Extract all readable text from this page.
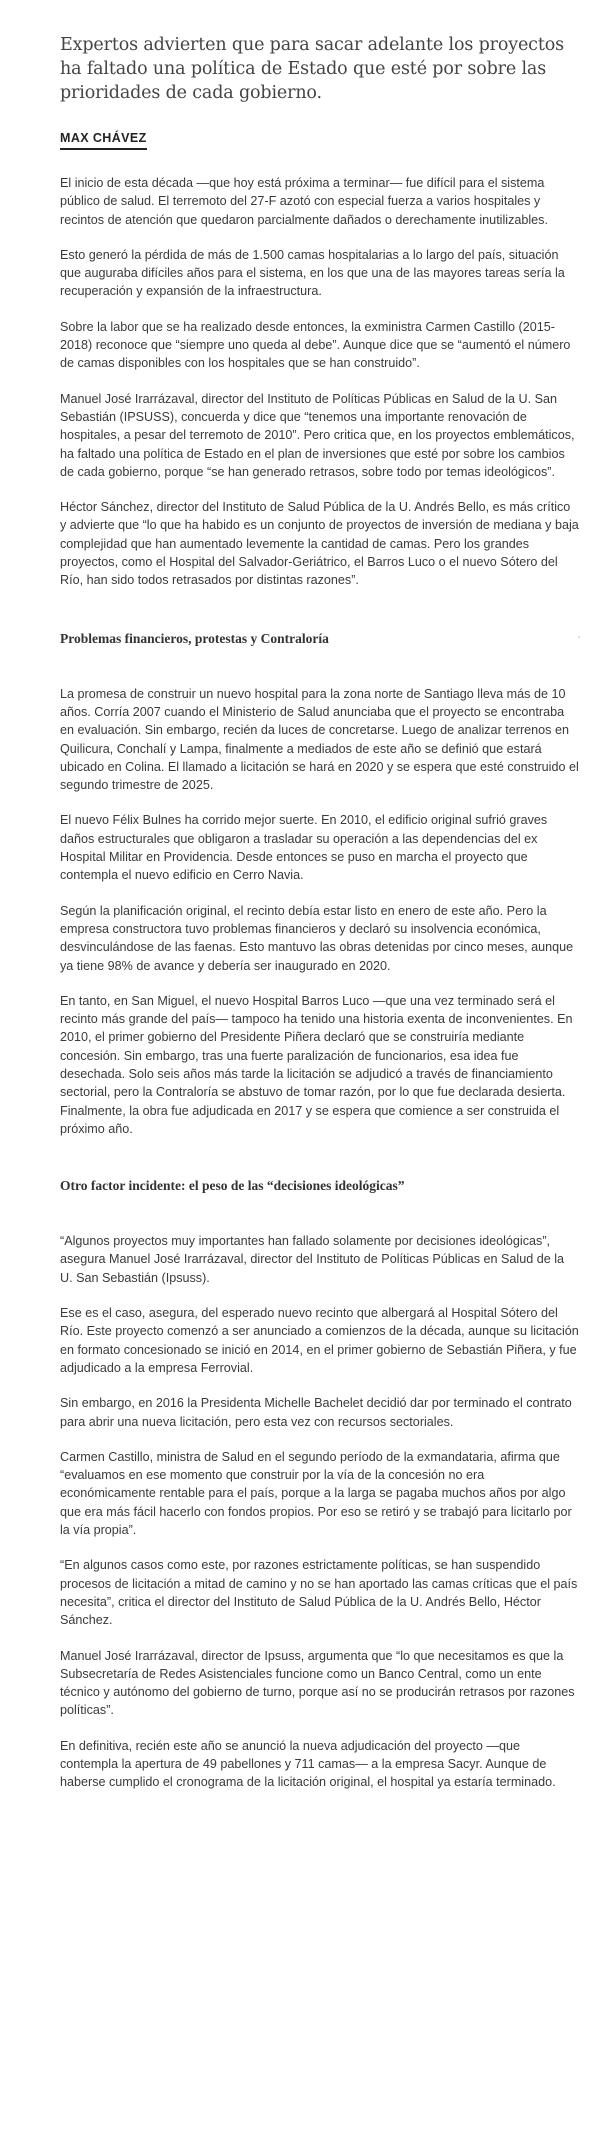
Expertos advierten que para sacar adelante los proyectos ha faltado una política de Estado que esté por sobre las prioridades de cada gobierno.

MAX CHÁVEZ

El inicio de esta década —que hoy está próxima a terminar— fue difícil para el sistema público de salud. El terremoto del 27-F azotó con especial fuerza a varios hospitales y recintos de atención que quedaron parcialmente dañados o derechamente inutilizables.

Esto generó la pérdida de más de 1.500 camas hospitalarias a lo largo del país, situación que auguraba difíciles años para el sistema, en los que una de las mayores tareas sería la recuperación y expansión de la infraestructura.

Sobre la labor que se ha realizado desde entonces, la exministra Carmen Castillo (2015-2018) reconoce que “siempre uno queda al debe”. Aunque dice que se “aumentó el número de camas disponibles con los hospitales que se han construido”.

Manuel José Irarrázaval, director del Instituto de Políticas Públicas en Salud de la U. San Sebastián (IPSUSS), concuerda y dice que “tenemos una importante renovación de hospitales, a pesar del terremoto de 2010”. Pero critica que, en los proyectos emblemáticos, ha faltado una política de Estado en el plan de inversiones que esté por sobre los cambios de cada gobierno, porque “se han generado retrasos, sobre todo por temas ideológicos”.

Héctor Sánchez, director del Instituto de Salud Pública de la U. Andrés Bello, es más crítico y advierte que “lo que ha habido es un conjunto de proyectos de inversión de mediana y baja complejidad que han aumentado levemente la cantidad de camas. Pero los grandes proyectos, como el Hospital del Salvador-Geriátrico, el Barros Luco o el nuevo Sótero del Río, han sido todos retrasados por distintas razones”.

Problemas financieros, protestas y Contraloría

La promesa de construir un nuevo hospital para la zona norte de Santiago lleva más de 10 años. Corría 2007 cuando el Ministerio de Salud anunciaba que el proyecto se encontraba en evaluación. Sin embargo, recién da luces de concretarse. Luego de analizar terrenos en Quilicura, Conchalí y Lampa, finalmente a mediados de este año se definió que estará ubicado en Colina. El llamado a licitación se hará en 2020 y se espera que esté construido el segundo trimestre de 2025.

El nuevo Félix Bulnes ha corrido mejor suerte. En 2010, el edificio original sufrió graves daños estructurales que obligaron a trasladar su operación a las dependencias del ex Hospital Militar en Providencia. Desde entonces se puso en marcha el proyecto que contempla el nuevo edificio en Cerro Navia.

Según la planificación original, el recinto debía estar listo en enero de este año. Pero la empresa constructora tuvo problemas financieros y declaró su insolvencia económica, desvinculándose de las faenas. Esto mantuvo las obras detenidas por cinco meses, aunque ya tiene 98% de avance y debería ser inaugurado en 2020.

En tanto, en San Miguel, el nuevo Hospital Barros Luco —que una vez terminado será el recinto más grande del país— tampoco ha tenido una historia exenta de inconvenientes. En 2010, el primer gobierno del Presidente Piñera declaró que se construiría mediante concesión. Sin embargo, tras una fuerte paralización de funcionarios, esa idea fue desechada. Solo seis años más tarde la licitación se adjudicó a través de financiamiento sectorial, pero la Contraloría se abstuvo de tomar razón, por lo que fue declarada desierta. Finalmente, la obra fue adjudicada en 2017 y se espera que comience a ser construida el próximo año.

Otro factor incidente: el peso de las “decisiones ideológicas”

“Algunos proyectos muy importantes han fallado solamente por decisiones ideológicas”, asegura Manuel José Irarrázaval, director del Instituto de Políticas Públicas en Salud de la U. San Sebastián (Ipsuss).

Ese es el caso, asegura, del esperado nuevo recinto que albergará al Hospital Sótero del Río. Este proyecto comenzó a ser anunciado a comienzos de la década, aunque su licitación en formato concesionado se inició en 2014, en el primer gobierno de Sebastián Piñera, y fue adjudicado a la empresa Ferrovial.

Sin embargo, en 2016 la Presidenta Michelle Bachelet decidió dar por terminado el contrato para abrir una nueva licitación, pero esta vez con recursos sectoriales.

Carmen Castillo, ministra de Salud en el segundo período de la exmandataria, afirma que “evaluamos en ese momento que construir por la vía de la concesión no era económicamente rentable para el país, porque a la larga se pagaba muchos años por algo que era más fácil hacerlo con fondos propios. Por eso se retiró y se trabajó para licitarlo por la vía propia”.

“En algunos casos como este, por razones estrictamente políticas, se han suspendido procesos de licitación a mitad de camino y no se han aportado las camas críticas que el país necesita”, critica el director del Instituto de Salud Pública de la U. Andrés Bello, Héctor Sánchez.

Manuel José Irarrázaval, director de Ipsuss, argumenta que “lo que necesitamos es que la Subsecretaría de Redes Asistenciales funcione como un Banco Central, como un ente técnico y autónomo del gobierno de turno, porque así no se producirán retrasos por razones políticas”.

En definitiva, recién este año se anunció la nueva adjudicación del proyecto —que contempla la apertura de 49 pabellones y 711 camas— a la empresa Sacyr. Aunque de haberse cumplido el cronograma de la licitación original, el hospital ya estaría terminado.
